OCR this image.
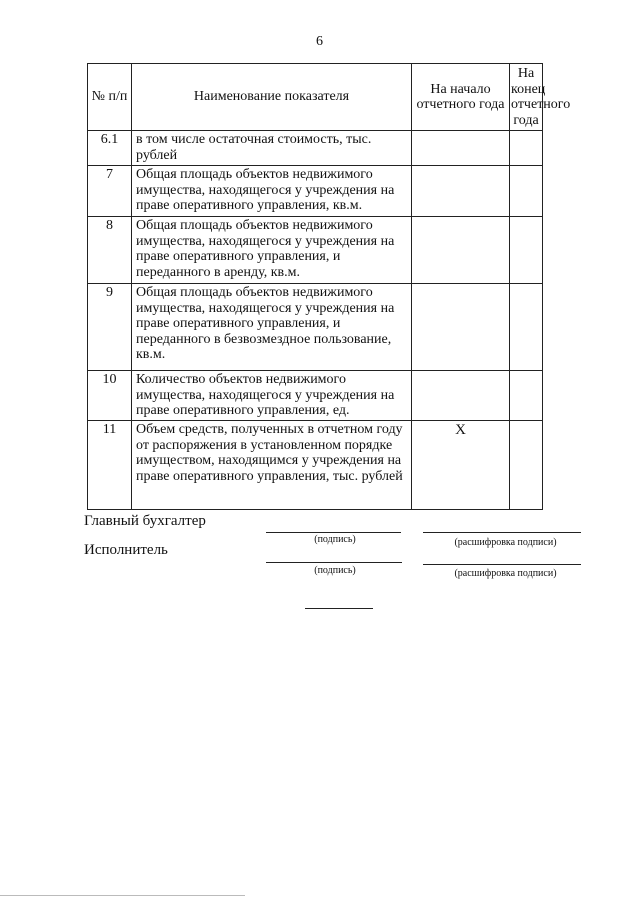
6
№ п/п	Наименование показателя	На начало отчетного года	На конец отчетного года
6.1	в том числе остаточная стоимость, тыс. рублей		
7	Общая площадь объектов недвижимого имущества, находящегося у учреждения на праве оперативного управления, кв.м.		
8	Общая площадь объектов недвижимого имущества, находящегося у учреждения на праве оперативного управления, и переданного в аренду, кв.м.		
9	Общая площадь объектов недвижимого имущества, находящегося у учреждения на праве оперативного управления, и переданного в безвозмездное пользование, кв.м.		
10	Количество объектов недвижимого имущества, находящегося у учреждения на праве оперативного управления, ед.		
11	Объем средств, полученных в отчетном году от распоряжения в установленном порядке имуществом, находящимся у учреждения на праве оперативного управления, тыс. рублей	X	
Главный бухгалтер
(подпись)	(расшифровка подписи)
Исполнитель
(подпись)	(расшифровка подписи)
